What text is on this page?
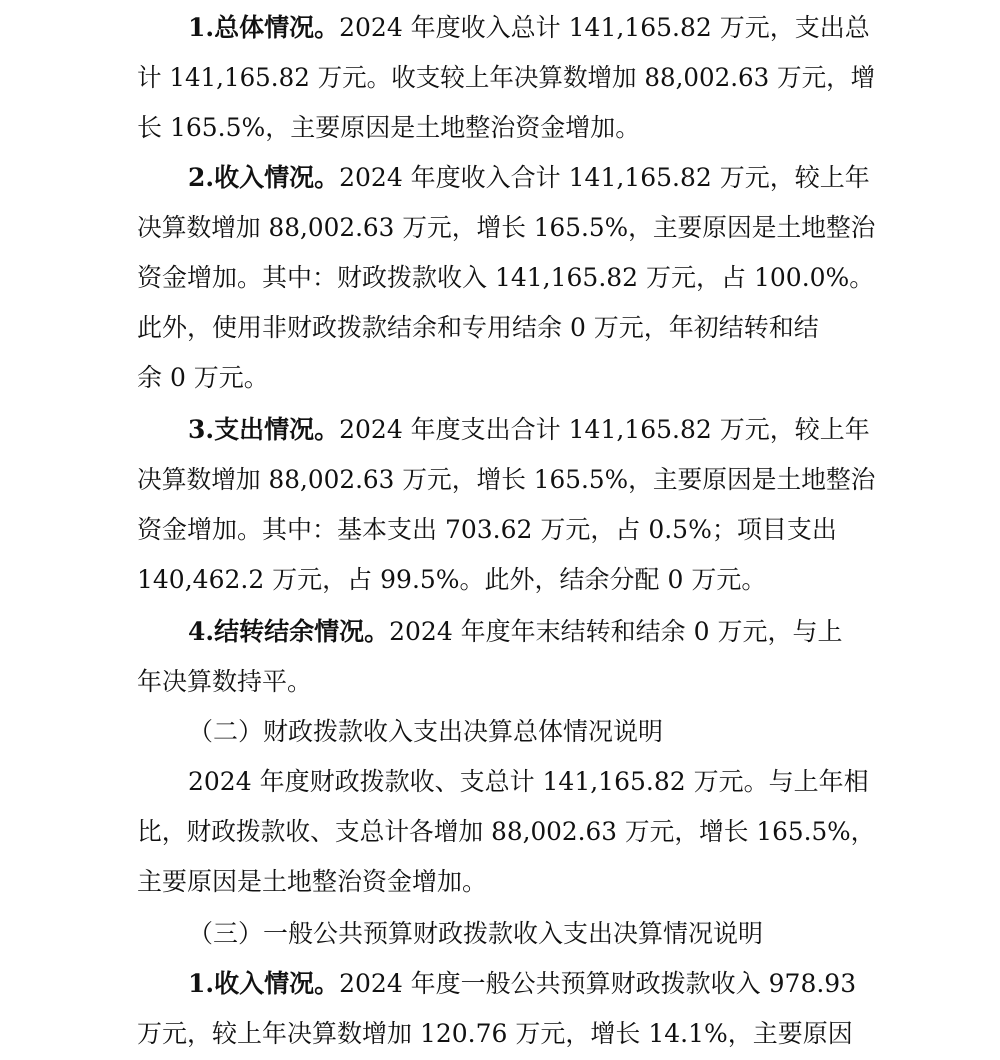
1.总体情况。2024 年度收入总计 141,165.82 万元，支出总
计 141,165.82 万元。收支较上年决算数增加 88,002.63 万元，增
长 165.5%，主要原因是土地整治资金增加。
2.收入情况。2024 年度收入合计 141,165.82 万元，较上年
决算数增加 88,002.63 万元，增长 165.5%，主要原因是土地整治
资金增加。其中：财政拨款收入 141,165.82 万元，占 100.0%。
此外，使用非财政拨款结余和专用结余 0 万元，年初结转和结
余 0 万元。
3.支出情况。2024 年度支出合计 141,165.82 万元，较上年
决算数增加 88,002.63 万元，增长 165.5%，主要原因是土地整治
资金增加。其中：基本支出 703.62 万元，占 0.5%；项目支出
140,462.2 万元，占 99.5%。此外，结余分配 0 万元。
4.结转结余情况。2024 年度年末结转和结余 0 万元，与上
年决算数持平。
（二）财政拨款收入支出决算总体情况说明
2024 年度财政拨款收、支总计 141,165.82 万元。与上年相
比，财政拨款收、支总计各增加 88,002.63 万元，增长 165.5%，
主要原因是土地整治资金增加。
（三）一般公共预算财政拨款收入支出决算情况说明
1.收入情况。2024 年度一般公共预算财政拨款收入 978.93
万元，较上年决算数增加 120.76 万元，增长 14.1%，主要原因
